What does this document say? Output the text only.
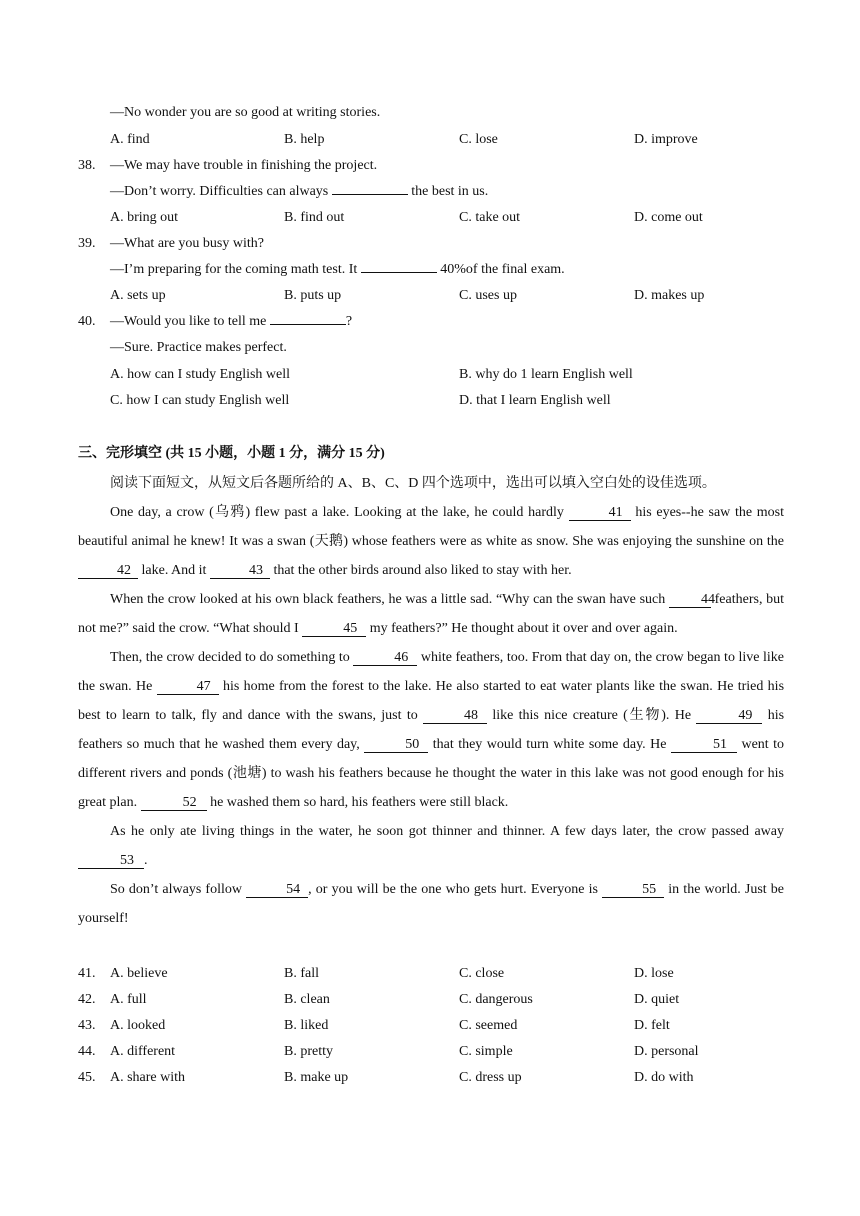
—No wonder you are so good at writing stories.
A. find	B. help	C. lose	D. improve
38. —We may have trouble in finishing the project.
—Don’t worry. Difficulties can always	the best in us.
A. bring out	B. find out	C. take out	D. come out
39. —What are you busy with?
—I’m preparing for the coming math test. It	40%of the final exam.
A. sets up	B. puts up	C. uses up	D. makes up
40. —Would you like to tell me	?
—Sure. Practice makes perfect.
A. how can I study English well	B. why do 1 learn English well
C. how I can study English well	D. that I learn English well
三、完形填空 (共 15 小题，小题 1 分，满分 15 分)
阅读下面短文，从短文后各题所给的 A、B、C、D 四个选项中，选出可以填入空白处的设佳选项。

One day, a crow (乌鸦) flew past a lake. Looking at the lake, he could hardly	41 his eyes--he saw the most beautiful animal he knew! It was a swan (天鹅) whose feathers were as white as snow. She was enjoying the sunshine on the 42 lake. And it	43 that the other birds around also liked to stay with her.

When the crow looked at his own black feathers, he was a little sad. “Why can the swan have such	44 feathers, but not me?” said the crow. “What should I	45 my feathers?” He thought about it over and over again.

Then, the crow decided to do something to	46 white feathers, too. From that day on, the crow began to live like the swan. He	47 his home from the forest to the lake. He also started to eat water plants like the swan. He tried his best to learn to talk, fly and dance with the swans, just to	48 like this nice creature (生物). He	49 his feathers so much that he washed them every day,	50 that they would turn white some day. He	51 went to different rivers and ponds (池塘) to wash his feathers because he thought the water in this lake was not good enough for his great plan.	52 he washed them so hard, his feathers were still black.

As he only ate living things in the water, he soon got thinner and thinner. A few days later, the crow passed away53 .

So don’t always follow	54 , or you will be the one who gets hurt. Everyone is	55 in the world. Just be yourself!

41. A. believe	B. fall	C. close	D. lose
42. A. full	B. clean	C. dangerous	D. quiet
43. A. looked	B. liked	C. seemed	D. felt
44. A. different	B. pretty	C. simple	D. personal
45. A. share with	B. make up	C. dress up	D. do with
